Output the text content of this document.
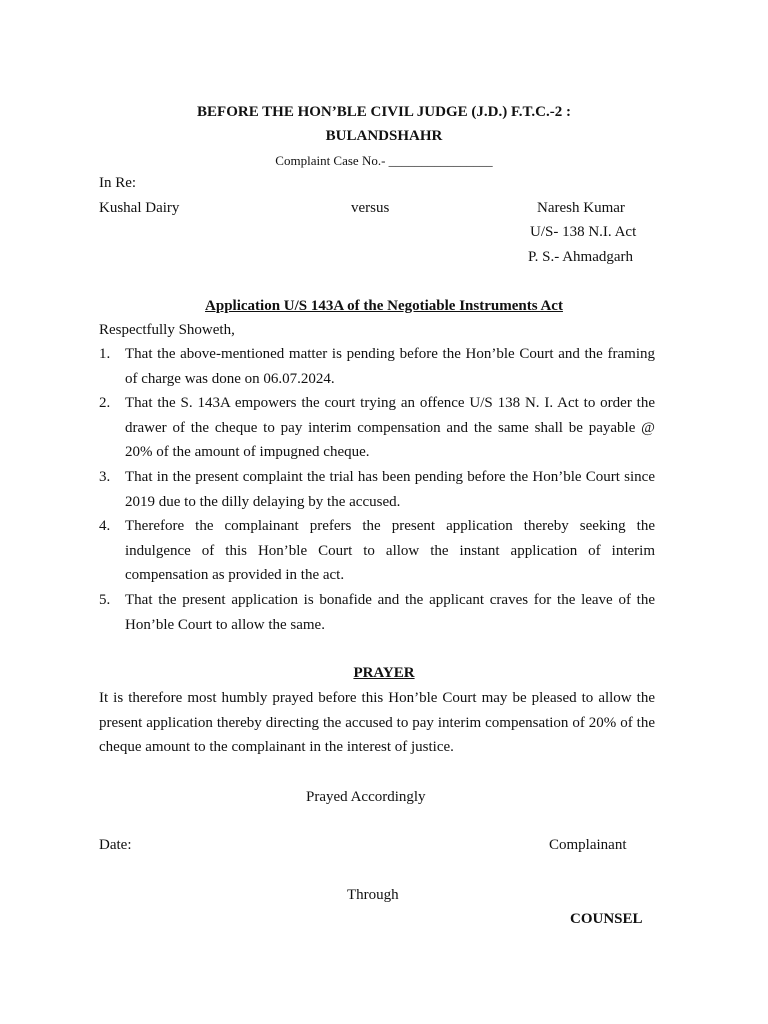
BEFORE THE HON’BLE CIVIL JUDGE (J.D.) F.T.C.-2 :
BULANDSHAHR
Complaint Case No.- ________________
In Re:
Kushal Dairy	versus	Naresh Kumar
U/S- 138 N.I. Act
P. S.- Ahmadgarh
Application U/S 143A of the Negotiable Instruments Act
Respectfully Showeth,
1. That the above-mentioned matter is pending before the Hon’ble Court and the framing of charge was done on 06.07.2024.
2. That the S. 143A empowers the court trying an offence U/S 138 N. I. Act to order the drawer of the cheque to pay interim compensation and the same shall be payable @ 20% of the amount of impugned cheque.
3. That in the present complaint the trial has been pending before the Hon’ble Court since 2019 due to the dilly delaying by the accused.
4. Therefore the complainant prefers the present application thereby seeking the indulgence of this Hon’ble Court to allow the instant application of interim compensation as provided in the act.
5. That the present application is bonafide and the applicant craves for the leave of the Hon’ble Court to allow the same.
PRAYER
It is therefore most humbly prayed before this Hon’ble Court may be pleased to allow the present application thereby directing the accused to pay interim compensation of 20% of the cheque amount to the complainant in the interest of justice.
Prayed Accordingly
Date:	Complainant
Through
COUNSEL
